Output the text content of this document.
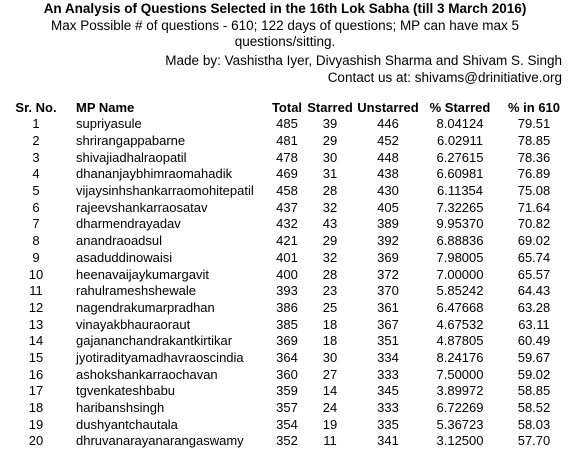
An Analysis of Questions Selected in the 16th Lok Sabha (till 3 March 2016)
Max Possible # of questions - 610; 122 days of questions; MP can have max 5 questions/sitting.
Made by: Vashistha Iyer, Divyashish Sharma and Shivam S. Singh
Contact us at: shivams@drinitiative.org
Sr. No.	MP Name	Total	Starred	Unstarred	% Starred	% in 610
1	supriyasule	485	39	446	8.04124	79.51
2	shrirangappabarne	481	29	452	6.02911	78.85
3	shivajiadhalraopatil	478	30	448	6.27615	78.36
4	dhananjaybhimraomahadik	469	31	438	6.60981	76.89
5	vijaysinhshankarraomohitepatil	458	28	430	6.11354	75.08
6	rajeevshankarraosatav	437	32	405	7.32265	71.64
7	dharmendrayadav	432	43	389	9.95370	70.82
8	anandraoadsul	421	29	392	6.88836	69.02
9	asaduddinowaisi	401	32	369	7.98005	65.74
10	heenavaijaykumargavit	400	28	372	7.00000	65.57
11	rahulrameshshewale	393	23	370	5.85242	64.43
12	nagendrakumarpradhan	386	25	361	6.47668	63.28
13	vinayakbhauraoraut	385	18	367	4.67532	63.11
14	gajananchandrakantkirtikar	369	18	351	4.87805	60.49
15	jyotiradityamadhavraoscindia	364	30	334	8.24176	59.67
16	ashokshankarraochavan	360	27	333	7.50000	59.02
17	tgvenkateshbabu	359	14	345	3.89972	58.85
18	haribanshsingh	357	24	333	6.72269	58.52
19	dushyantchautala	354	19	335	5.36723	58.03
20	dhruvanarayanarangaswamy	352	11	341	3.12500	57.70
